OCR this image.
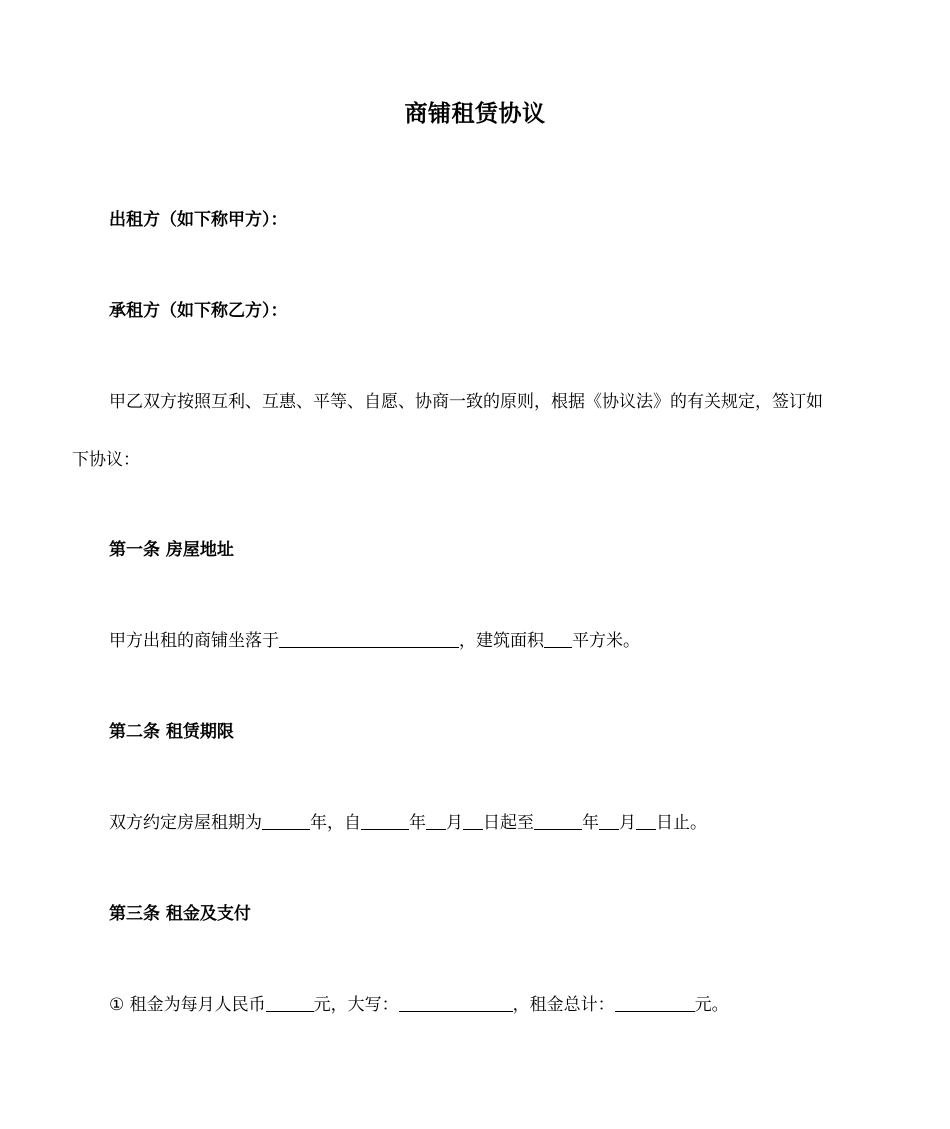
商铺租赁协议
出租方（如下称甲方）：
承租方（如下称乙方）：
甲乙双方按照互利、互惠、平等、自愿、协商一致的原则，根据《协议法》的有关规定，签订如
下协议：
第一条 房屋地址
甲方出租的商铺坐落于	，建筑面积 平方米。
第二条 租赁期限
双方约定房屋租期为	年，自	年 月 日起至	年 月 日止。
第三条 租金及支付
① 租金为每月人民币	元，大写：	，租金总计：	元。
